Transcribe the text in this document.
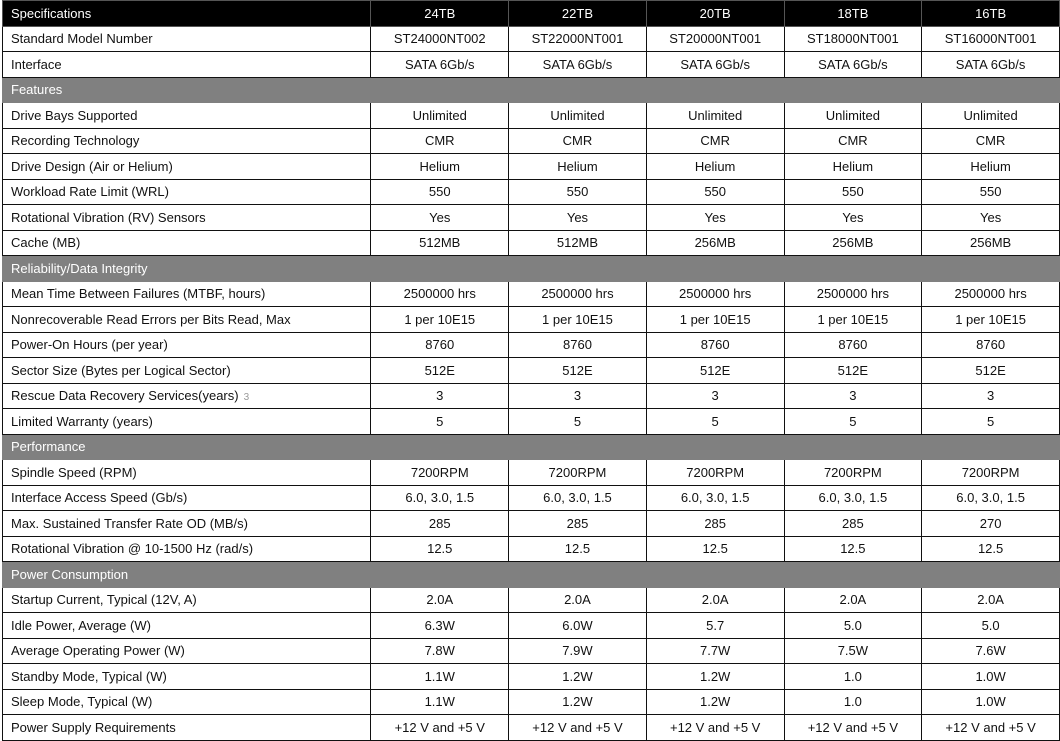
Specifications	24TB	22TB	20TB	18TB	16TB
Standard Model Number	ST24000NT002	ST22000NT001	ST20000NT001	ST18000NT001	ST16000NT001
Interface	SATA 6Gb/s	SATA 6Gb/s	SATA 6Gb/s	SATA 6Gb/s	SATA 6Gb/s
Features					
Drive Bays Supported	Unlimited	Unlimited	Unlimited	Unlimited	Unlimited
Recording Technology	CMR	CMR	CMR	CMR	CMR
Drive Design (Air or Helium)	Helium	Helium	Helium	Helium	Helium
Workload Rate Limit (WRL)	550	550	550	550	550
Rotational Vibration (RV) Sensors	Yes	Yes	Yes	Yes	Yes
Cache (MB)	512MB	512MB	256MB	256MB	256MB
Reliability/Data Integrity					
Mean Time Between Failures (MTBF, hours)	2500000 hrs	2500000 hrs	2500000 hrs	2500000 hrs	2500000 hrs
Nonrecoverable Read Errors per Bits Read, Max	1 per 10E15	1 per 10E15	1 per 10E15	1 per 10E15	1 per 10E15
Power-On Hours (per year)	8760	8760	8760	8760	8760
Sector Size (Bytes per Logical Sector)	512E	512E	512E	512E	512E
Rescue Data Recovery Services(years) 3	3	3	3	3	3
Limited Warranty (years)	5	5	5	5	5
Performance					
Spindle Speed (RPM)	7200RPM	7200RPM	7200RPM	7200RPM	7200RPM
Interface Access Speed (Gb/s)	6.0, 3.0, 1.5	6.0, 3.0, 1.5	6.0, 3.0, 1.5	6.0, 3.0, 1.5	6.0, 3.0, 1.5
Max. Sustained Transfer Rate OD (MB/s)	285	285	285	285	270
Rotational Vibration @ 10-1500 Hz (rad/s)	12.5	12.5	12.5	12.5	12.5
Power Consumption					
Startup Current, Typical (12V, A)	2.0A	2.0A	2.0A	2.0A	2.0A
Idle Power, Average (W)	6.3W	6.0W	5.7	5.0	5.0
Average Operating Power (W)	7.8W	7.9W	7.7W	7.5W	7.6W
Standby Mode, Typical (W)	1.1W	1.2W	1.2W	1.0	1.0W
Sleep Mode, Typical (W)	1.1W	1.2W	1.2W	1.0	1.0W
Power Supply Requirements	+12 V and +5 V	+12 V and +5 V	+12 V and +5 V	+12 V and +5 V	+12 V and +5 V
